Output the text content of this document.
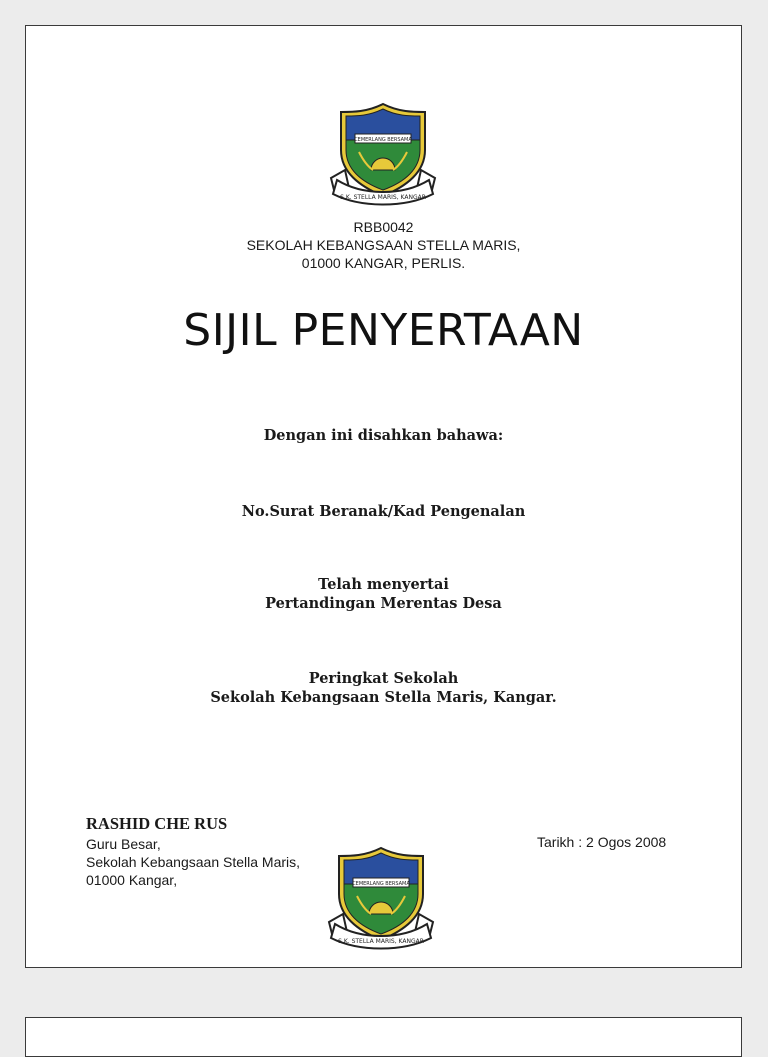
CEMERLANG BERSAMA
S.K. STELLA MARIS, KANGAR
RBB0042
SEKOLAH KEBANGSAAN STELLA MARIS,
01000 KANGAR, PERLIS.
SIJIL PENYERTAAN
Dengan ini disahkan bahawa:
No.Surat Beranak/Kad Pengenalan
Telah menyertai
Pertandingan Merentas Desa
Peringkat Sekolah
Sekolah Kebangsaan Stella Maris, Kangar.
RASHID CHE RUS
Guru Besar,
Sekolah Kebangsaan Stella Maris,
01000 Kangar,
Tarikh : 2 Ogos 2008
CEMERLANG BERSAMA
S.K. STELLA MARIS, KANGAR
